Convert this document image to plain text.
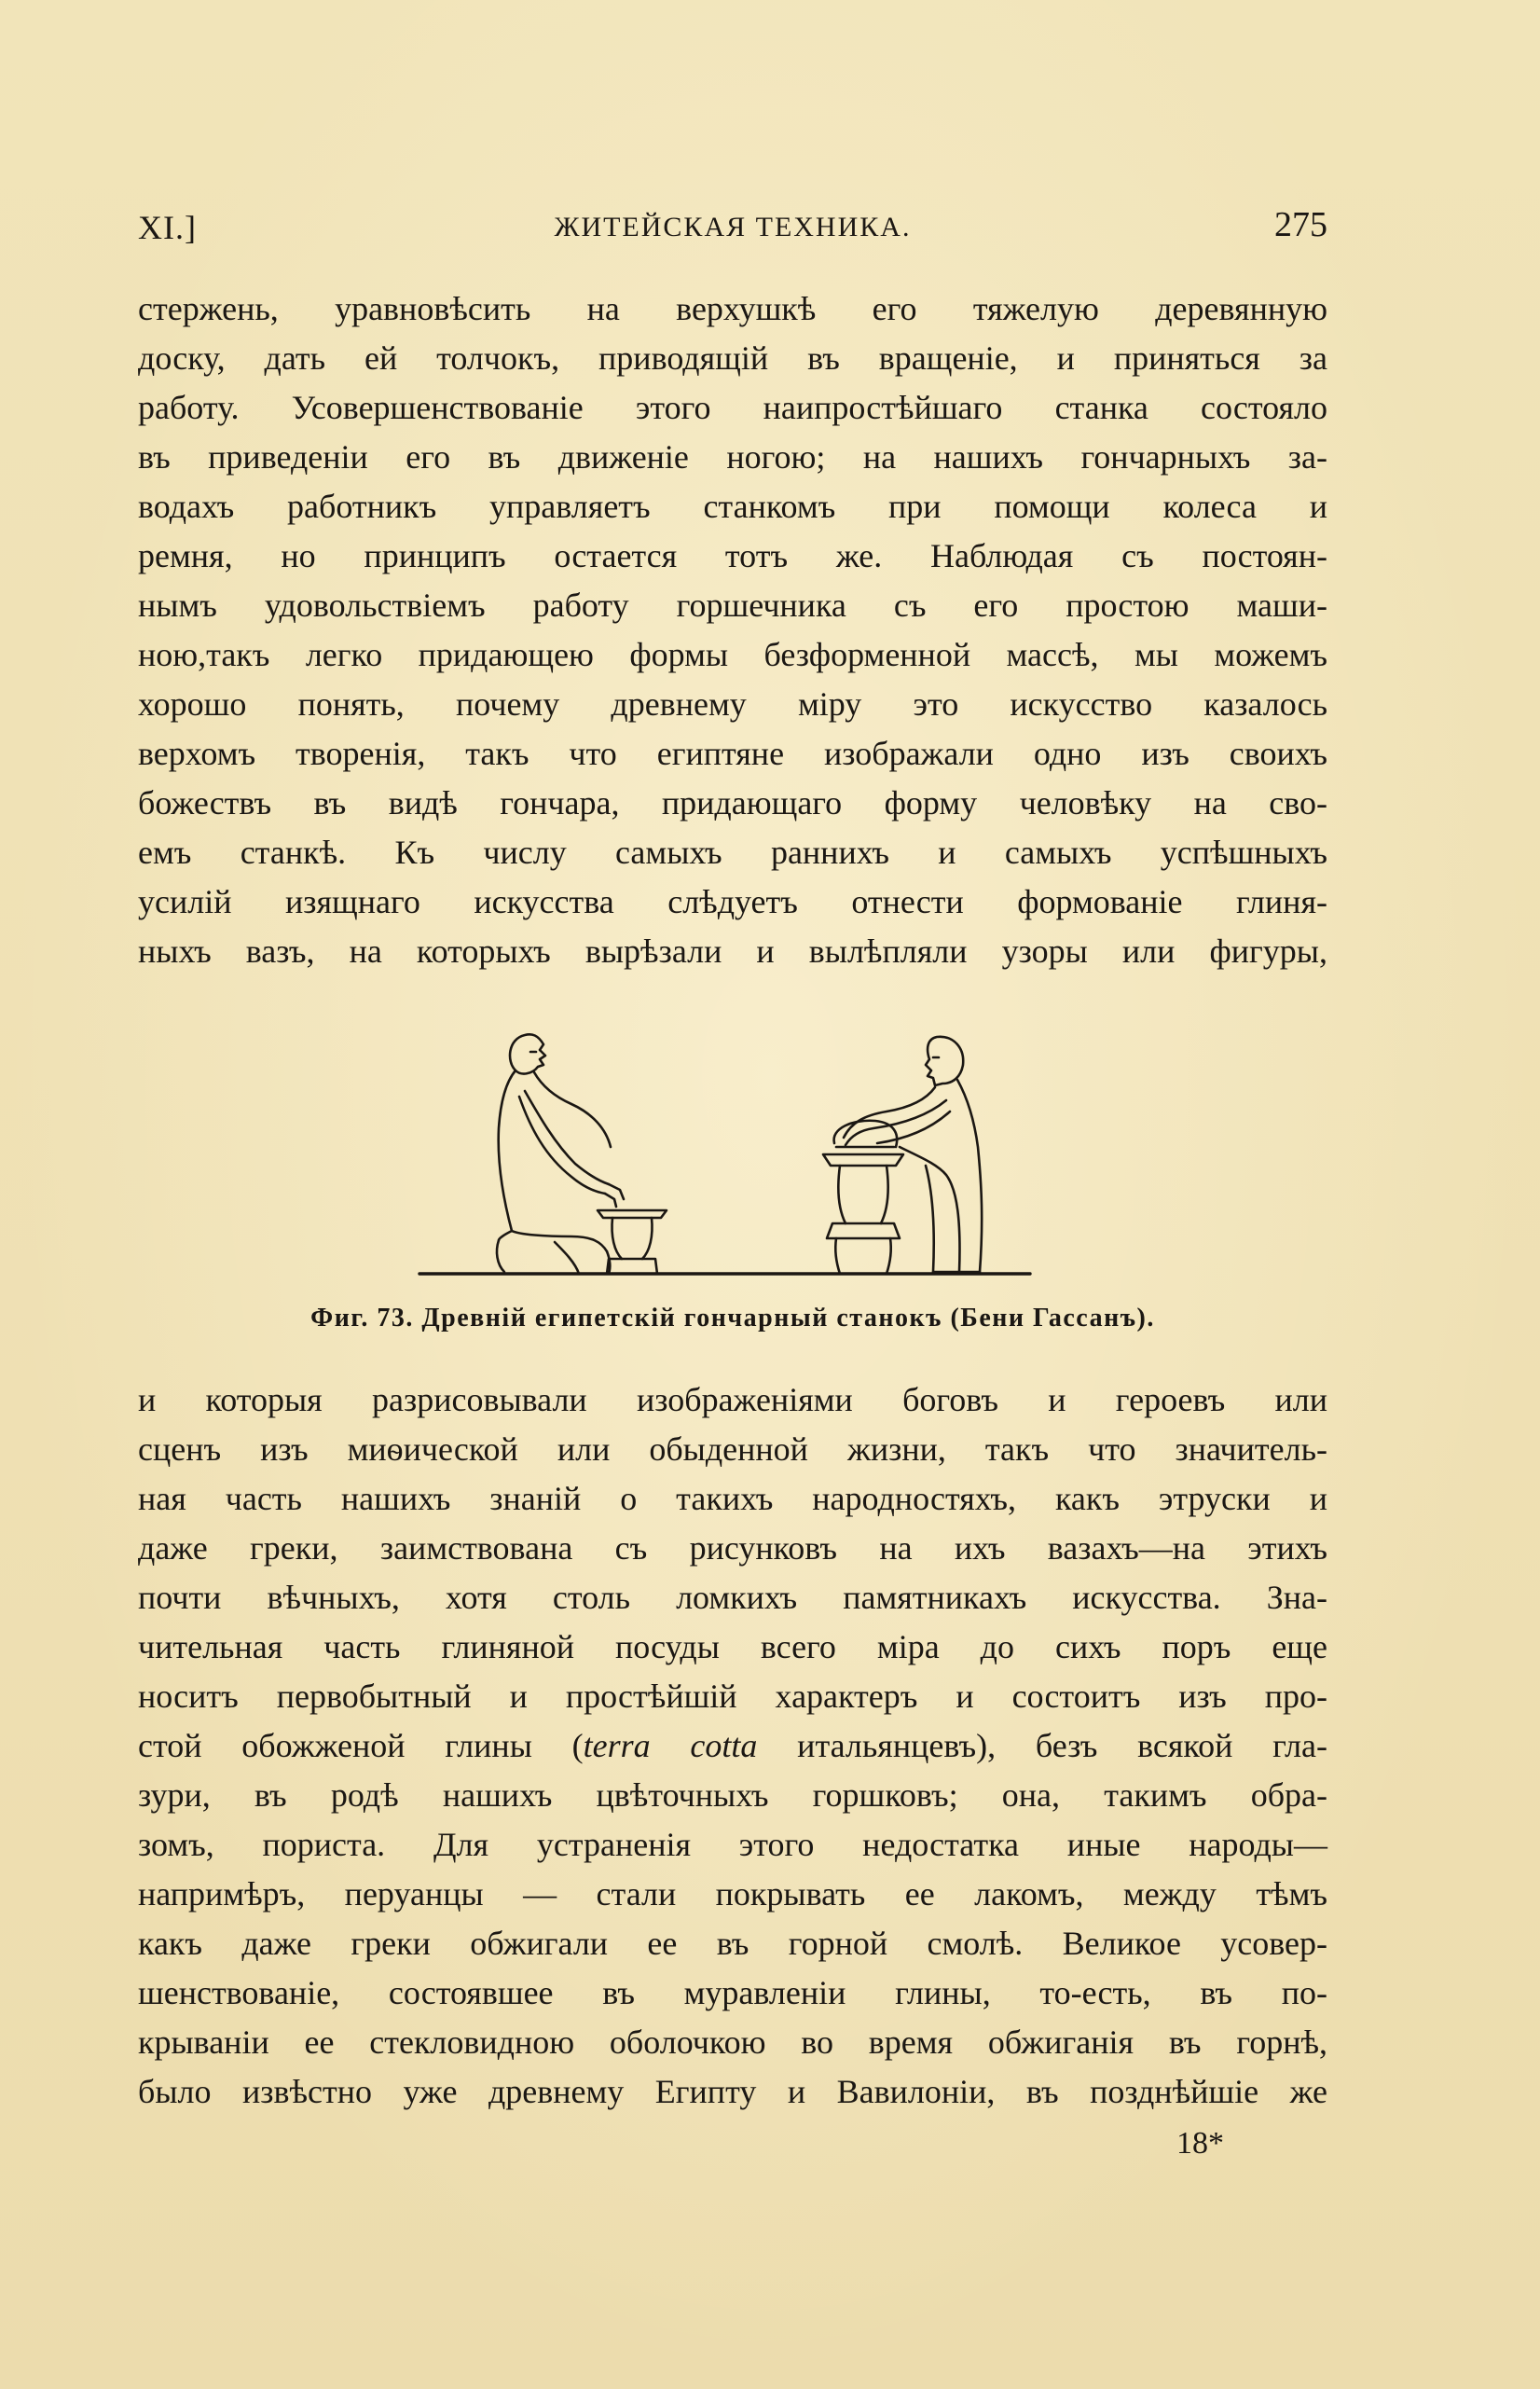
XI.]	ЖИТЕЙСКАЯ ТЕХНИКА.	275
стержень, уравновѣсить на верхушкѣ его тяжелую деревянную
доску, дать ей толчокъ, приводящій въ вращеніе, и приняться за
работу. Усовершенствованіе этого наипростѣйшаго станка состояло
въ приведеніи его въ движеніе ногою; на нашихъ гончарныхъ за-
водахъ работникъ управляетъ станкомъ при помощи колеса и
ремня, но принципъ остается тотъ же. Наблюдая съ постоян-
нымъ удовольствіемъ работу горшечника съ его простою маши-
ною,такъ легко придающею формы безформенной массѣ, мы можемъ
хорошо понять, почему древнему міру это искусство казалось
верхомъ творенія, такъ что египтяне изображали одно изъ своихъ
божествъ въ видѣ гончара, придающаго форму человѣку на сво-
емъ станкѣ. Къ числу самыхъ раннихъ и самыхъ успѣшныхъ
усилій изящнаго искусства слѣдуетъ отнести формованіе глиня-
ныхъ вазъ, на которыхъ вырѣзали и вылѣпляли узоры или фигуры,
Фиг. 73. Древній египетскій гончарный станокъ (Бени Гассанъ).
и которыя разрисовывали изображеніями боговъ и героевъ или
сценъ изъ миѳической или обыденной жизни, такъ что значитель-
ная часть нашихъ знаній о такихъ народностяхъ, какъ этруски и
даже греки, заимствована съ рисунковъ на ихъ вазахъ—на этихъ
почти вѣчныхъ, хотя столь ломкихъ памятникахъ искусства. Зна-
чительная часть глиняной посуды всего міра до сихъ поръ еще
носитъ первобытный и простѣйшій характеръ и состоитъ изъ про-
стой обожженой глины (terra cotta итальянцевъ), безъ всякой гла-
зури, въ родѣ нашихъ цвѣточныхъ горшковъ; она, такимъ обра-
зомъ, пориста. Для устраненія этого недостатка иные народы—
напримѣръ, перуанцы — стали покрывать ее лакомъ, между тѣмъ
какъ даже греки обжигали ее въ горной смолѣ. Великое усовер-
шенствованіе, состоявшее въ муравленіи глины, то-есть, въ по-
крываніи ее стекловидною оболочкою во время обжиганія въ горнѣ,
было извѣстно уже древнему Египту и Вавилоніи, въ позднѣйшіе же
18*
